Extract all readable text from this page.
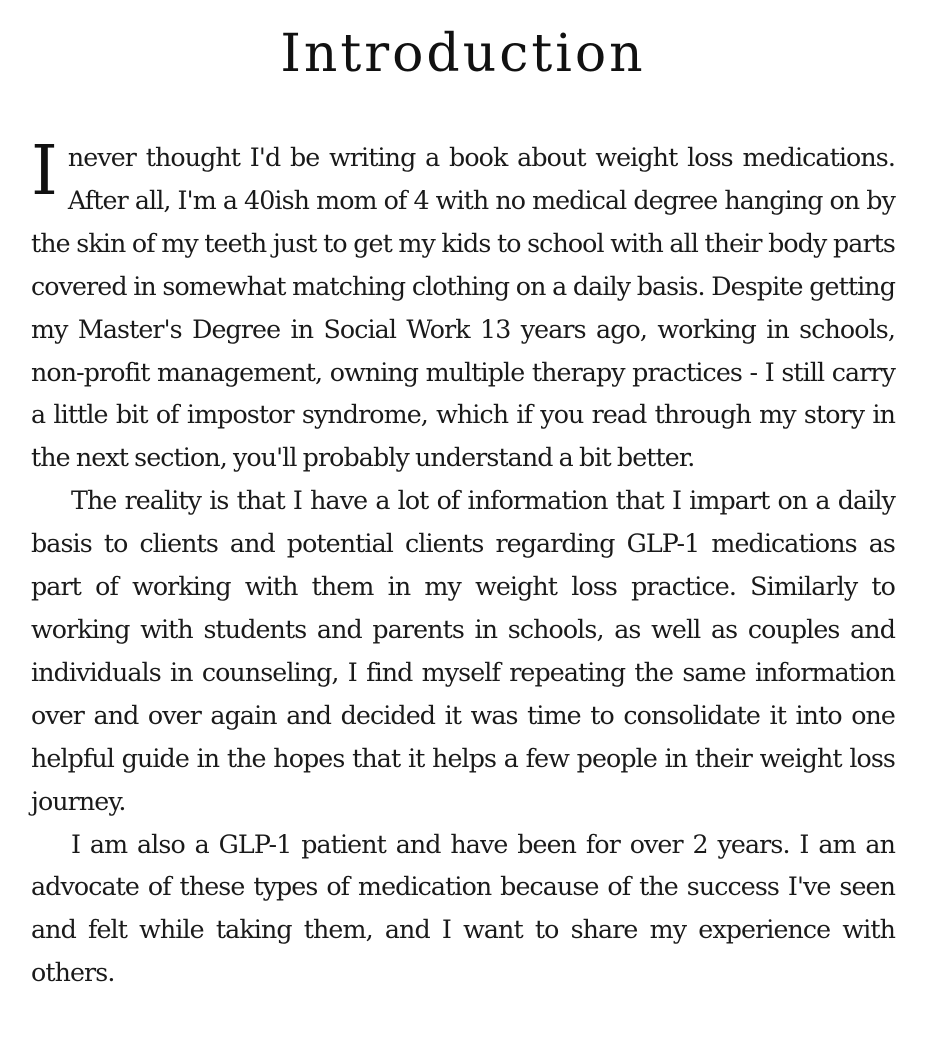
Introduction

I never thought I'd be writing a book about weight loss medications. After all, I'm a 40ish mom of 4 with no medical degree hanging on by the skin of my teeth just to get my kids to school with all their body parts covered in somewhat matching clothing on a daily basis. Despite getting my Master's Degree in Social Work 13 years ago, working in schools, non-profit management, owning multiple therapy practices - I still carry a little bit of impostor syndrome, which if you read through my story in the next section, you'll probably understand a bit better.

The reality is that I have a lot of information that I impart on a daily basis to clients and potential clients regarding GLP-1 medications as part of working with them in my weight loss practice. Similarly to working with students and parents in schools, as well as couples and individuals in counseling, I find myself repeating the same information over and over again and decided it was time to consolidate it into one helpful guide in the hopes that it helps a few people in their weight loss journey.

I am also a GLP-1 patient and have been for over 2 years. I am an advocate of these types of medication because of the success I've seen and felt while taking them, and I want to share my experience with others.
